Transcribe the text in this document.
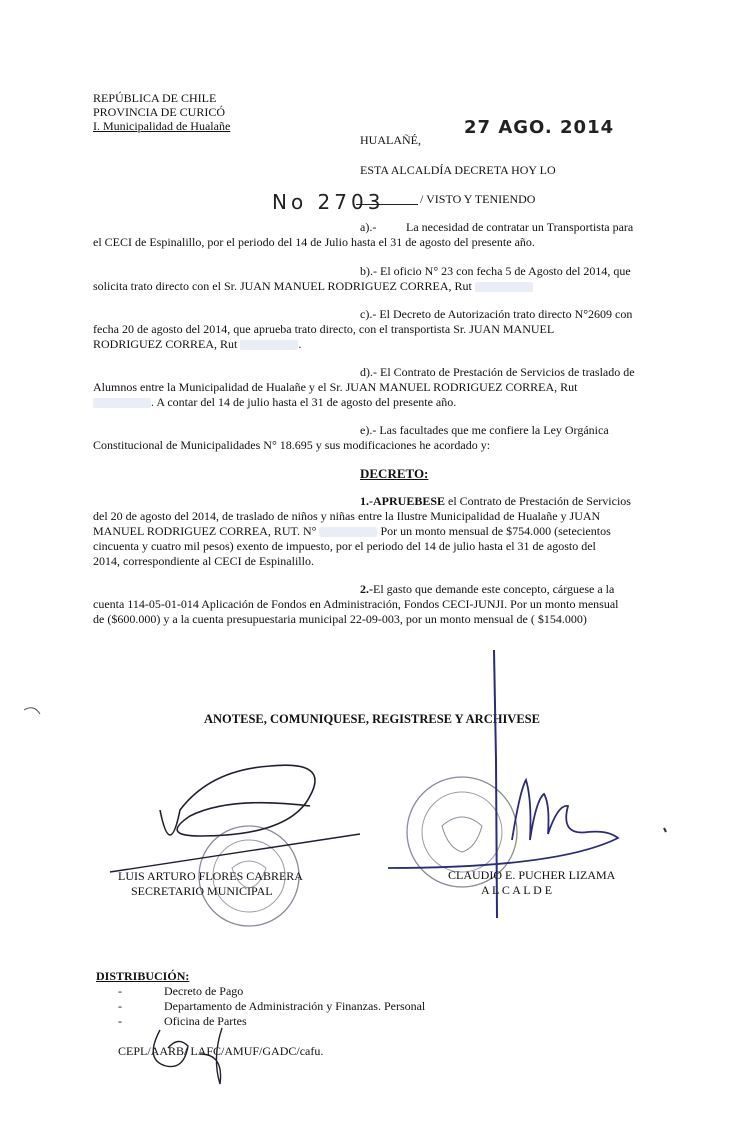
REPÚBLICA DE CHILE
PROVINCIA DE CURICÓ
I. Municipalidad de Hualañe	27 AGO. 2014
HUALAÑÉ,
ESTA ALCALDÍA DECRETA HOY LO
No 2703	/ VISTO Y TENIENDO
a).- La necesidad de contratar un Transportista para
el CECI de Espinalillo, por el periodo del 14 de Julio hasta el 31 de agosto del presente año.
b).- El oficio N° 23 con fecha 5 de Agosto del 2014, que
solicita trato directo con el Sr. JUAN MANUEL RODRIGUEZ CORREA, Rut
c).- El Decreto de Autorización trato directo N°2609 con
fecha 20 de agosto del 2014, que aprueba trato directo, con el transportista Sr. JUAN MANUEL
RODRIGUEZ CORREA, Rut	.
d).- El Contrato de Prestación de Servicios de traslado de
Alumnos entre la Municipalidad de Hualañe y el Sr. JUAN MANUEL RODRIGUEZ CORREA, Rut
. A contar del 14 de julio hasta el 31 de agosto del presente año.
e).- Las facultades que me confiere la Ley Orgánica
Constitucional de Municipalidades N° 18.695 y sus modificaciones he acordado y:
DECRETO:
1.-APRUEBESE el Contrato de Prestación de Servicios
del 20 de agosto del 2014, de traslado de niños y niñas entre la Ilustre Municipalidad de Hualañe y JUAN
MANUEL RODRIGUEZ CORREA, RUT. N°	Por un monto mensual de $754.000 (setecientos
cincuenta y cuatro mil pesos) exento de impuesto, por el periodo del 14 de julio hasta el 31 de agosto del
2014, correspondiente al CECI de Espinalillo.
2.-El gasto que demande este concepto, cárguese a la
cuenta 114-05-01-014 Aplicación de Fondos en Administración, Fondos CECI-JUNJI. Por un monto mensual
de ($600.000) y a la cuenta presupuestaria municipal 22-09-003, por un monto mensual de ( $154.000)
ANOTESE, COMUNIQUESE, REGISTRESE Y ARCHIVESE
LUIS ARTURO FLORES CABRERA
SECRETARIO MUNICIPAL
CLAUDIO E. PUCHER LIZAMA
A L C A L D E
DISTRIBUCIÓN:
-	Decreto de Pago
-	Departamento de Administración y Finanzas. Personal
-	Oficina de Partes
CEPL/AARB/ LAFC/AMUF/GADC/cafu.
